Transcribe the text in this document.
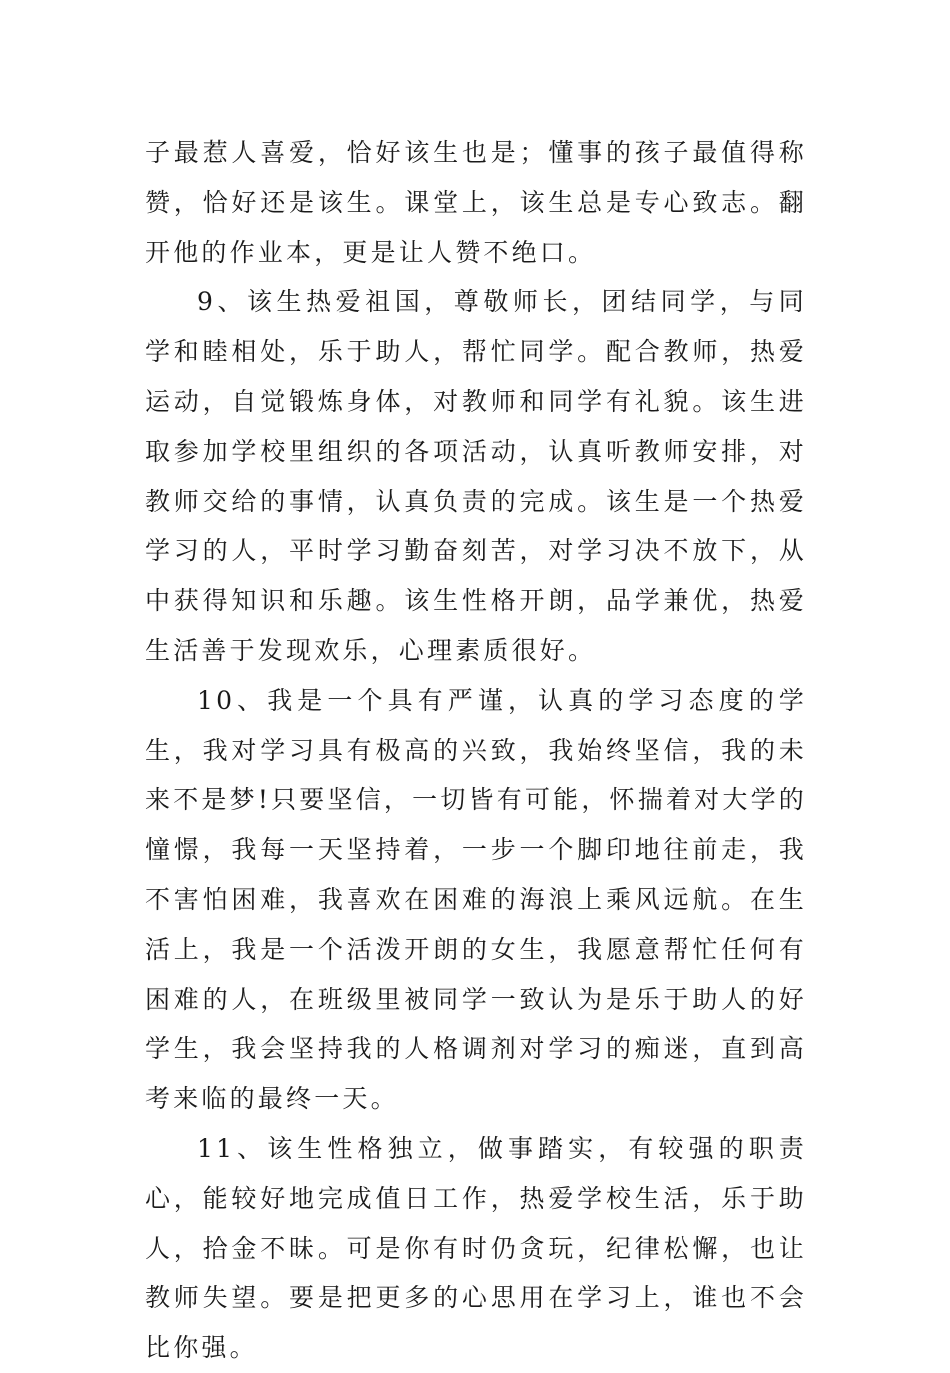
子最惹人喜爱，恰好该生也是；懂事的孩子最值得称赞，恰好还是该生。课堂上，该生总是专心致志。翻开他的作业本，更是让人赞不绝口。

9、该生热爱祖国，尊敬师长，团结同学，与同学和睦相处，乐于助人，帮忙同学。配合教师，热爱运动，自觉锻炼身体，对教师和同学有礼貌。该生进取参加学校里组织的各项活动，认真听教师安排，对教师交给的事情，认真负责的完成。该生是一个热爱学习的人，平时学习勤奋刻苦，对学习决不放下，从中获得知识和乐趣。该生性格开朗，品学兼优，热爱生活善于发现欢乐，心理素质很好。

10、我是一个具有严谨，认真的学习态度的学生，我对学习具有极高的兴致，我始终坚信，我的未来不是梦!只要坚信，一切皆有可能，怀揣着对大学的憧憬，我每一天坚持着，一步一个脚印地往前走，我不害怕困难，我喜欢在困难的海浪上乘风远航。在生活上，我是一个活泼开朗的女生，我愿意帮忙任何有困难的人，在班级里被同学一致认为是乐于助人的好学生，我会坚持我的人格调剂对学习的痴迷，直到高考来临的最终一天。

11、该生性格独立，做事踏实，有较强的职责心，能较好地完成值日工作，热爱学校生活，乐于助人，拾金不昧。可是你有时仍贪玩，纪律松懈，也让教师失望。要是把更多的心思用在学习上，谁也不会比你强。
